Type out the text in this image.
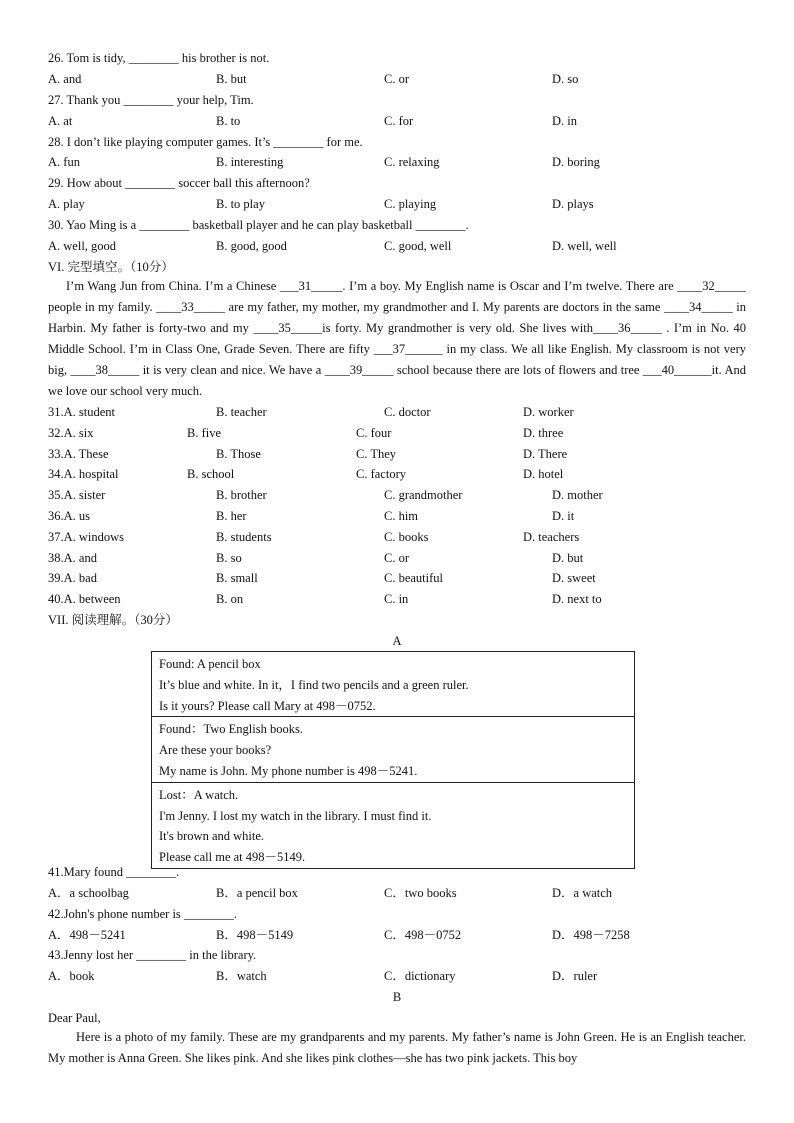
26. Tom is tidy, ________ his brother is not.
A. and	B. but	C. or	D. so
27. Thank you ________ your help, Tim.
A. at	B. to	C. for	D. in
28. I don’t like playing computer games. It’s ________ for me.
A. fun	B. interesting	C. relaxing	D. boring
29. How about ________ soccer ball this afternoon?
A. play	B. to play	C. playing	D. plays
30. Yao Ming is a ________ basketball player and he can play basketball ________.
A. well, good	B. good, good	C. good, well	D. well, well
VI. 完型填空。（10分）
I’m Wang Jun from China. I’m a Chinese ___31_____. I’m a boy. My English name is Oscar and I’m twelve. There are ____32_____ people in my family. ____33_____ are my father, my mother, my grandmother and I. My parents are doctors in the same ____34_____ in Harbin. My father is forty-two and my ____35_____is forty. My grandmother is very old. She lives with____36_____ . I’m in No. 40 Middle School. I’m in Class One, Grade Seven. There are fifty ___37______ in my class. We all like English. My classroom is not very big, ____38_____ it is very clean and nice. We have a ____39_____ school because there are lots of flowers and tree ___40______it. And we love our school very much.
31.A. student	B. teacher	C. doctor	D. worker
32.A. six	B. five	C. four	D. three
33.A. These	B. Those	C. They	D. There
34.A. hospital	B. school	C. factory	D. hotel
35.A. sister	B. brother	C. grandmother	D. mother
36.A. us	B. her	C. him	D. it
37.A. windows	B. students	C. books	D. teachers
38.A. and	B. so	C. or	D. but
39.A. bad	B. small	C. beautiful	D. sweet
40.A. between	B. on	C. in	D. next to
VII. 阅读理解。（30分）
A
Found: A pencil box
It’s blue and white. In it，I find two pencils and a green ruler.
Is it yours? Please call Mary at 498－0752.
Found：Two English books.
Are these your books?
My name is John. My phone number is 498－5241.
Lost：A watch.
I'm Jenny. I lost my watch in the library. I must find it.
It's brown and white.
Please call me at 498－5149.
41.Mary found ________.
A．a schoolbag	B．a pencil box	C．two books	D．a watch
42.John's phone number is ________.
A．498－5241	B．498－5149	C．498－0752	D．498－7258
43.Jenny lost her ________ in the library.
A．book	B．watch	C．dictionary	D．ruler
B
Dear Paul,
Here is a photo of my family. These are my grandparents and my parents. My father’s name is John Green. He is an English teacher. My mother is Anna Green. She likes pink. And she likes pink clothes—she has two pink jackets. This boy
